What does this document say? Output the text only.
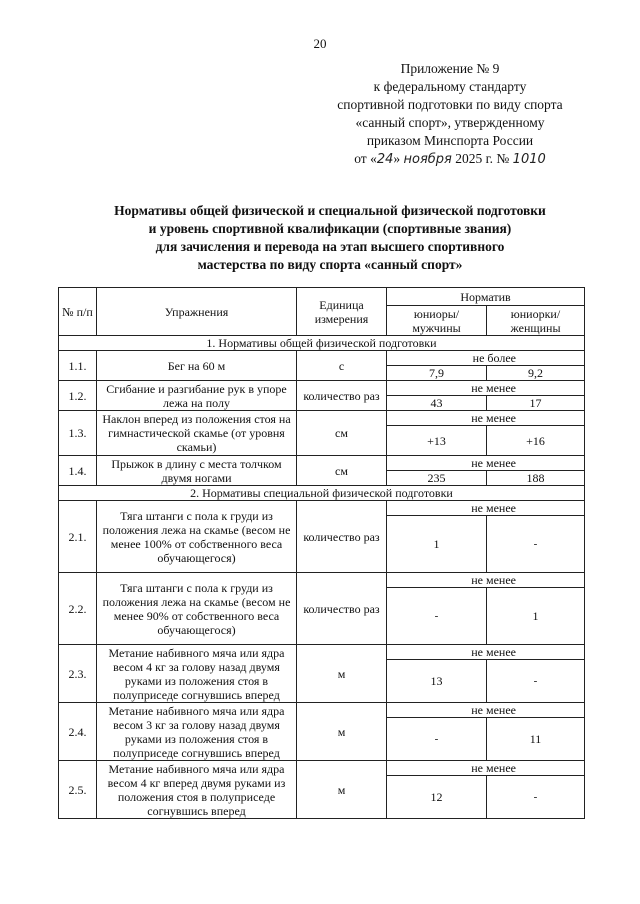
20
Приложение № 9
к федеральному стандарту
спортивной подготовки по виду спорта
«санный спорт», утвержденному
приказом Минспорта России
от «24» ноября 2025 г. № 1010
Нормативы общей физической и специальной физической подготовки
и уровень спортивной квалификации (спортивные звания)
для зачисления и перевода на этап высшего спортивного
мастерства по виду спорта «санный спорт»
№ п/п	Упражнения	Единица измерения	Норматив	
			юниоры/ мужчины	юниорки/ женщины
1. Нормативы общей физической подготовки				
1.1.	Бег на 60 м	с	не более	
			7,9	9,2
1.2.	Сгибание и разгибание рук в упоре лежа на полу	количество раз	не менее	
			43	17
1.3.	Наклон вперед из положения стоя на гимнастической скамье (от уровня скамьи)	см	не менее	
			+13	+16
1.4.	Прыжок в длину с места толчком двумя ногами	см	не менее	
			235	188
2. Нормативы специальной физической подготовки				
2.1.	Тяга штанги с пола к груди из положения лежа на скамье (весом не менее 100% от собственного веса обучающегося)	количество раз	не менее	
			1	-
2.2.	Тяга штанги с пола к груди из положения лежа на скамье (весом не менее 90% от собственного веса обучающегося)	количество раз	не менее	
			-	1
2.3.	Метание набивного мяча или ядра весом 4 кг за голову назад двумя руками из положения стоя в полуприседе согнувшись вперед	м	не менее	
			13	-
2.4.	Метание набивного мяча или ядра весом 3 кг за голову назад двумя руками из положения стоя в полуприседе согнувшись вперед	м	не менее	
			-	11
2.5.	Метание набивного мяча или ядра весом 4 кг вперед двумя руками из положения стоя в полуприседе согнувшись вперед	м	не менее	
			12	-
